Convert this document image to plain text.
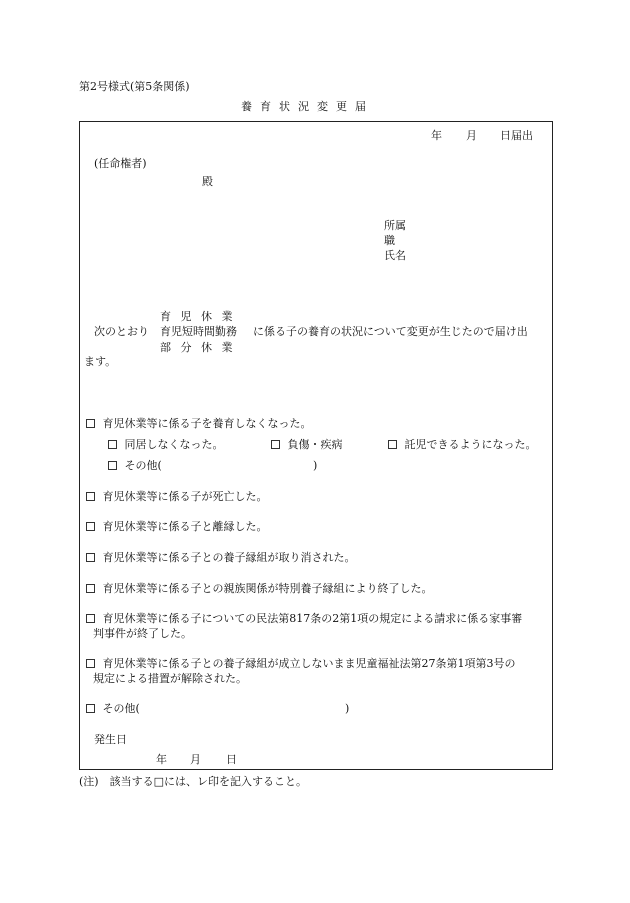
第2号様式(第5条関係)
養育状況変更届
年 月 日届出
(任命権者)
殿
所属
職
氏名
育 児 休 業
次のとおり 育児短時間勤務 に係る子の養育の状況について変更が生じたので届け出
部 分 休 業
ます。
育児休業等に係る子を養育しなくなった。
同居しなくなった。	負傷・疾病	託児できるようになった。
その他(	)
育児休業等に係る子が死亡した。
育児休業等に係る子と離縁した。
育児休業等に係る子との養子縁組が取り消された。
育児休業等に係る子との親族関係が特別養子縁組により終了した。
育児休業等に係る子についての民法第817条の2第1項の規定による請求に係る家事審
判事件が終了した。
育児休業等に係る子との養子縁組が成立しないまま児童福祉法第27条第1項第3号の
規定による措置が解除された。
その他(	)
発生日
年 月 日
(注)　該当する□には、レ印を記入すること。
